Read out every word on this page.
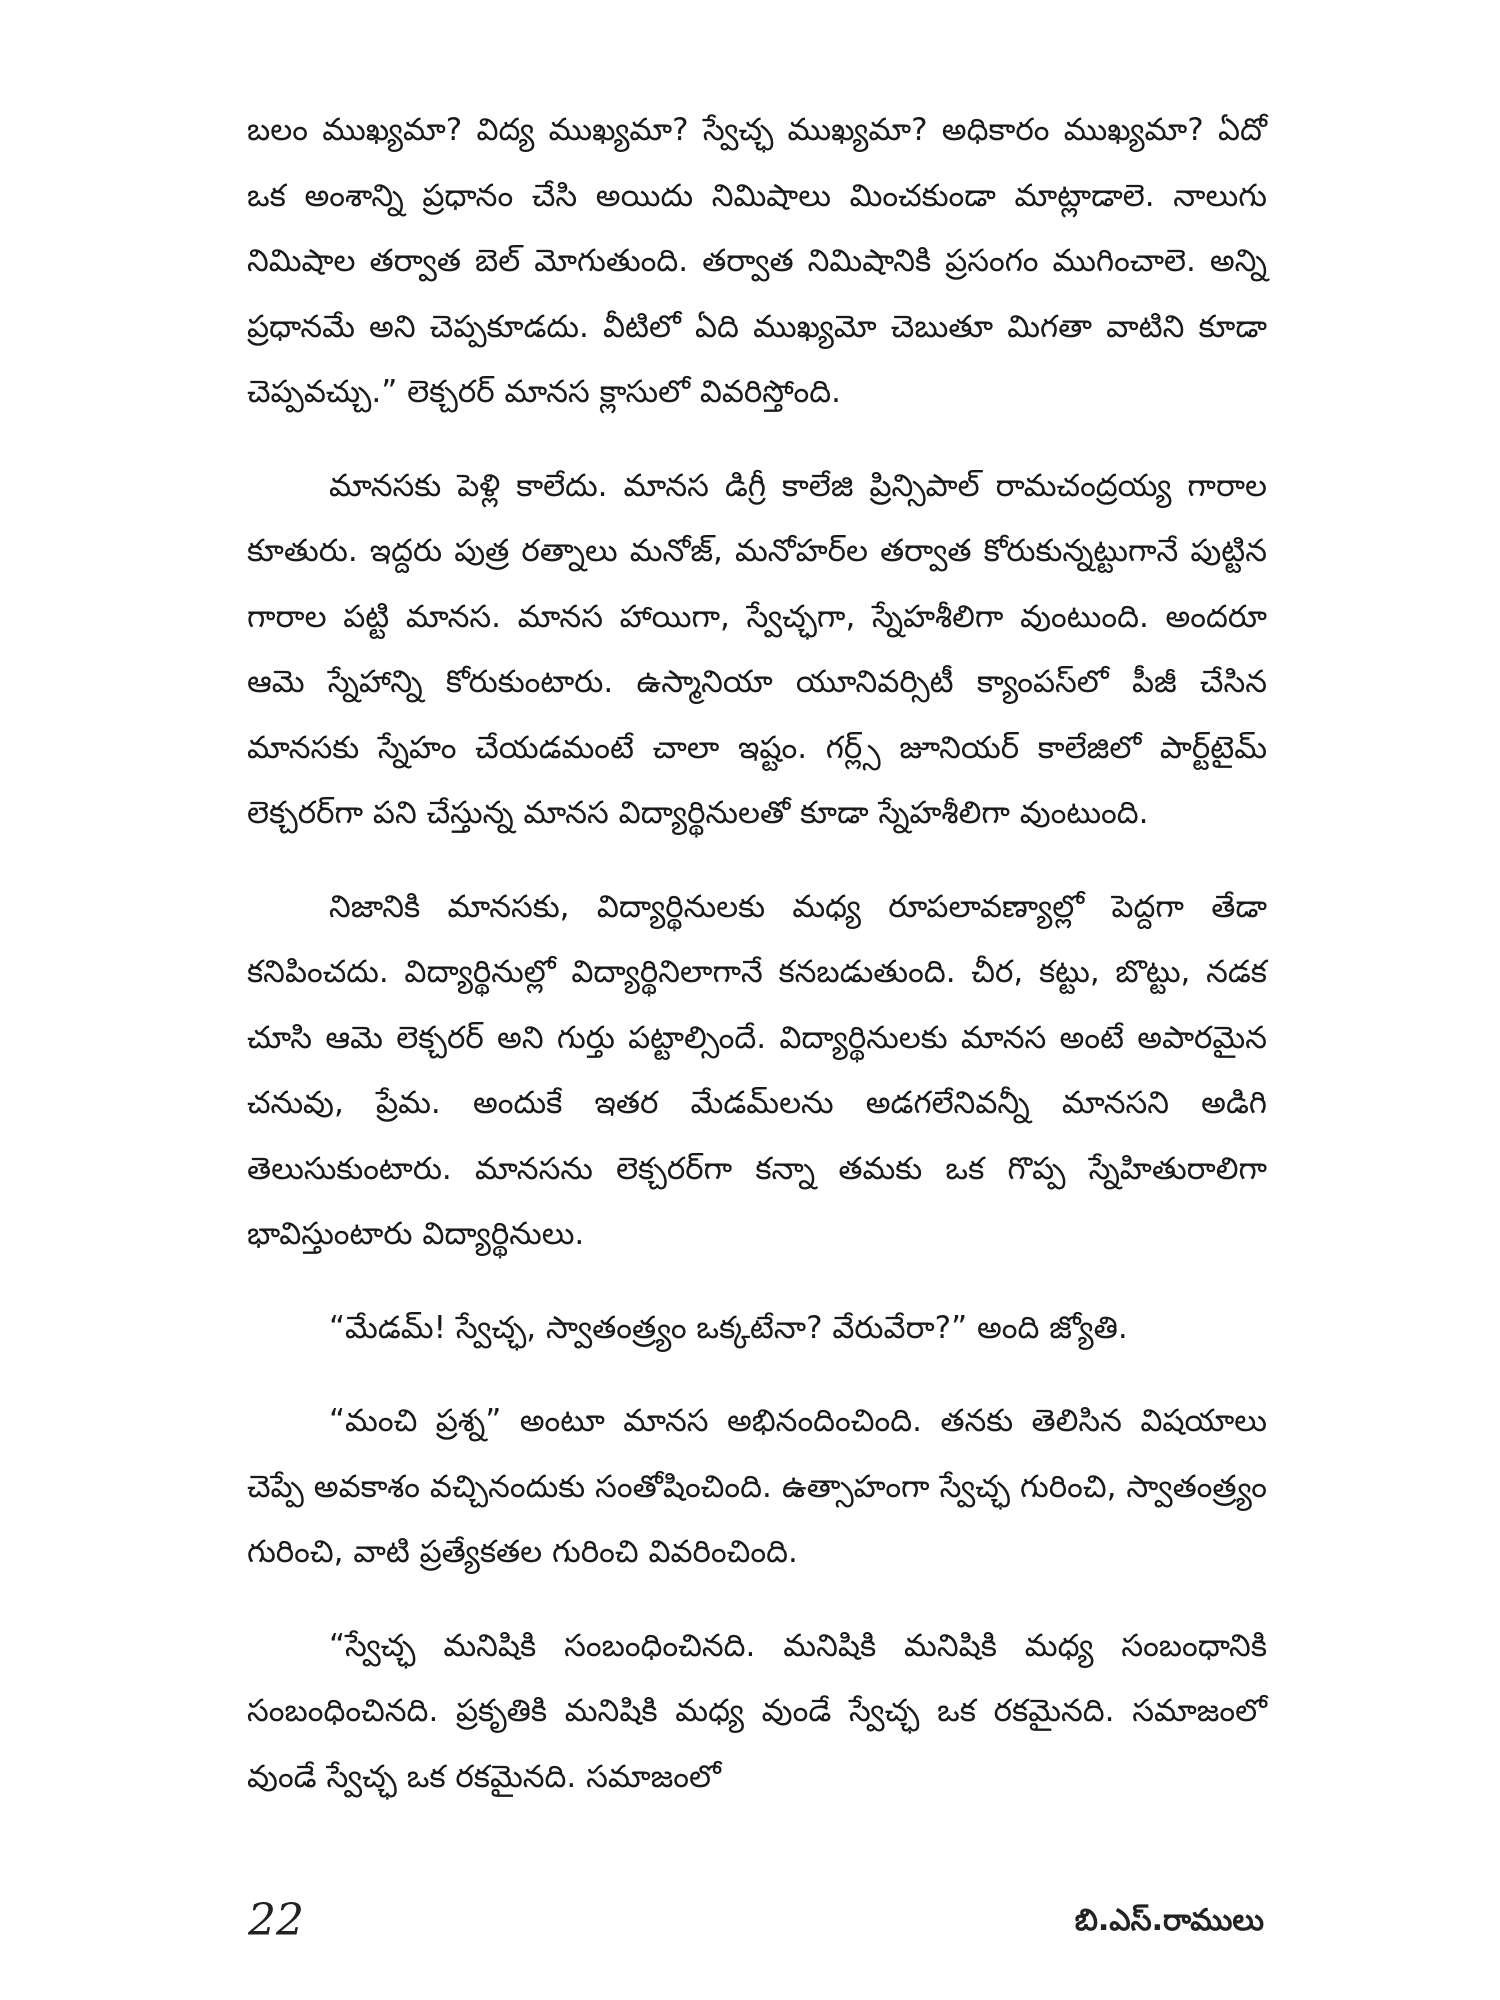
బలం ముఖ్యమా? విద్య ముఖ్యమా? స్వేచ్ఛ ముఖ్యమా? అధికారం ముఖ్యమా? ఏదో ఒక అంశాన్ని ప్రధానం చేసి అయిదు నిమిషాలు మించకుండా మాట్లాడాలె. నాలుగు నిమిషాల తర్వాత బెల్ మోగుతుంది. తర్వాత నిమిషానికి ప్రసంగం ముగించాలె. అన్ని ప్రధానమే అని చెప్పకూడదు. వీటిలో ఏది ముఖ్యమో చెబుతూ మిగతా వాటిని కూడా చెప్పవచ్చు.” లెక్చరర్ మానస క్లాసులో వివరిస్తోంది.

మానసకు పెళ్లి కాలేదు. మానస డిగ్రీ కాలేజి ప్రిన్సిపాల్ రామచంద్రయ్య గారాల కూతురు. ఇద్దరు పుత్ర రత్నాలు మనోజ్, మనోహర్‌ల తర్వాత కోరుకున్నట్టుగానే పుట్టిన గారాల పట్టి మానస. మానస హాయిగా, స్వేచ్ఛగా, స్నేహశీలిగా వుంటుంది. అందరూ ఆమె స్నేహాన్ని కోరుకుంటారు. ఉస్మానియా యూనివర్సిటీ క్యాంపస్‌లో పీజీ చేసిన మానసకు స్నేహం చేయడమంటే చాలా ఇష్టం. గర్ల్స్ జూనియర్ కాలేజిలో పార్ట్‌టైమ్ లెక్చరర్‌గా పని చేస్తున్న మానస విద్యార్థినులతో కూడా స్నేహశీలిగా వుంటుంది.

నిజానికి మానసకు, విద్యార్థినులకు మధ్య రూపలావణ్యాల్లో పెద్దగా తేడా కనిపించదు. విద్యార్థినుల్లో విద్యార్థినిలాగానే కనబడుతుంది. చీర, కట్టు, బొట్టు, నడక చూసి ఆమె లెక్చరర్ అని గుర్తు పట్టాల్సిందే. విద్యార్థినులకు మానస అంటే అపారమైన చనువు, ప్రేమ. అందుకే ఇతర మేడమ్‌లను అడగలేనివన్నీ మానసని అడిగి తెలుసుకుంటారు. మానసను లెక్చరర్‌గా కన్నా తమకు ఒక గొప్ప స్నేహితురాలిగా భావిస్తుంటారు విద్యార్థినులు.

“మేడమ్! స్వేచ్ఛ, స్వాతంత్ర్యం ఒక్కటేనా? వేరువేరా?” అంది జ్యోతి.

“మంచి ప్రశ్న” అంటూ మానస అభినందించింది. తనకు తెలిసిన విషయాలు చెప్పే అవకాశం వచ్చినందుకు సంతోషించింది. ఉత్సాహంగా స్వేచ్ఛ గురించి, స్వాతంత్ర్యం గురించి, వాటి ప్రత్యేకతల గురించి వివరించింది.

“స్వేచ్ఛ మనిషికి సంబంధించినది. మనిషికి మనిషికి మధ్య సంబంధానికి సంబంధించినది. ప్రకృతికి మనిషికి మధ్య వుండే స్వేచ్ఛ ఒక రకమైనది. సమాజంలో వుండే స్వేచ్ఛ ఒక రకమైనది. సమాజంలో

22	బి.ఎస్.రాములు
